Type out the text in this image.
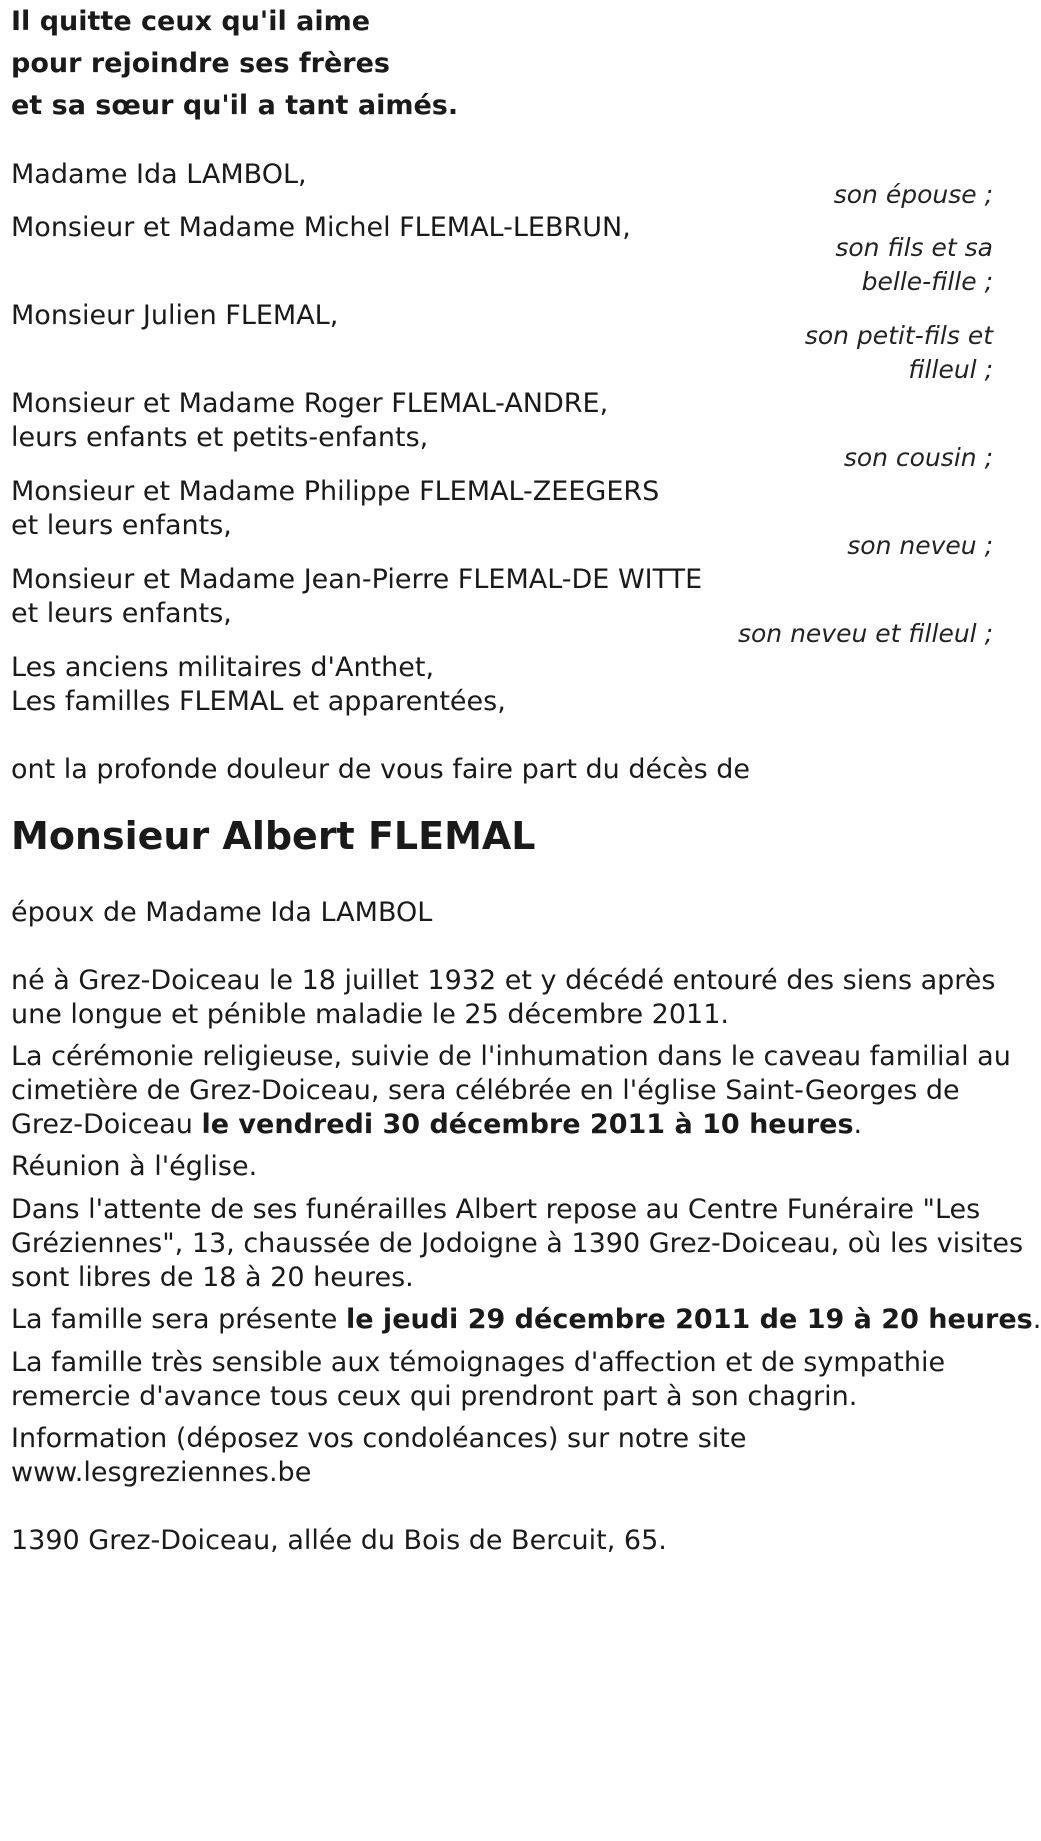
Il quitte ceux qu'il aime
pour rejoindre ses frères
et sa sœur qu'il a tant aimés.
Madame Ida LAMBOL,
son épouse ;
Monsieur et Madame Michel FLEMAL-LEBRUN,
son fils et sa
belle-fille ;
Monsieur Julien FLEMAL,
son petit-fils et
filleul ;
Monsieur et Madame Roger FLEMAL-ANDRE,
leurs enfants et petits-enfants,
son cousin ;
Monsieur et Madame Philippe FLEMAL-ZEEGERS
et leurs enfants,
son neveu ;
Monsieur et Madame Jean-Pierre FLEMAL-DE WITTE
et leurs enfants,
son neveu et filleul ;
Les anciens militaires d'Anthet,
Les familles FLEMAL et apparentées,
ont la profonde douleur de vous faire part du décès de
Monsieur Albert FLEMAL
époux de Madame Ida LAMBOL
né à Grez-Doiceau le 18 juillet 1932 et y décédé entouré des siens après
une longue et pénible maladie le 25 décembre 2011.
La cérémonie religieuse, suivie de l'inhumation dans le caveau familial au
cimetière de Grez-Doiceau, sera célébrée en l'église Saint-Georges de
Grez-Doiceau le vendredi 30 décembre 2011 à 10 heures.
Réunion à l'église.
Dans l'attente de ses funérailles Albert repose au Centre Funéraire "Les
Gréziennes", 13, chaussée de Jodoigne à 1390 Grez-Doiceau, où les visites
sont libres de 18 à 20 heures.
La famille sera présente le jeudi 29 décembre 2011 de 19 à 20 heures.
La famille très sensible aux témoignages d'affection et de sympathie
remercie d'avance tous ceux qui prendront part à son chagrin.
Information (déposez vos condoléances) sur notre site
www.lesgreziennes.be
1390 Grez-Doiceau, allée du Bois de Bercuit, 65.
